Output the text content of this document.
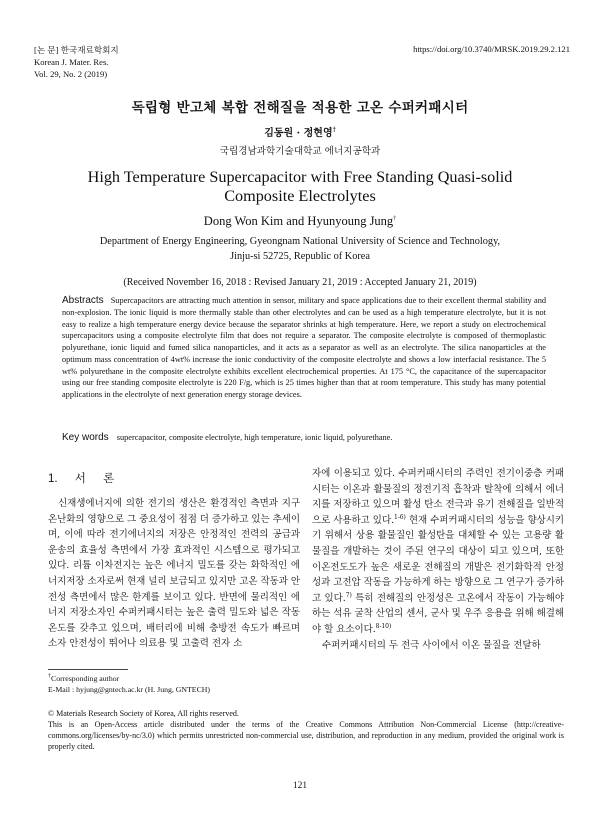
[논 문] 한국재료학회지
Korean J. Mater. Res.
Vol. 29, No. 2 (2019)
https://doi.org/10.3740/MRSK.2019.29.2.121
독립형 반고체 복합 전해질을 적용한 고온 수퍼커패시터
김동원 · 정현영†
국립경남과학기술대학교 에너지공학과
High Temperature Supercapacitor with Free Standing Quasi-solid
Composite Electrolytes
Dong Won Kim and Hyunyoung Jung†
Department of Energy Engineering, Gyeongnam National University of Science and Technology,
Jinju-si 52725, Republic of Korea
(Received November 16, 2018 : Revised January 21, 2019 : Accepted January 21, 2019)
Abstracts Supercapacitors are attracting much attention in sensor, military and space applications due to their excellent thermal stability and non-explosion. The ionic liquid is more thermally stable than other electrolytes and can be used as a high temperature electrolyte, but it is not easy to realize a high temperature energy device because the separator shrinks at high temperature. Here, we report a study on electrochemical supercapacitors using a composite electrolyte film that does not require a separator. The composite electrolyte is composed of thermoplastic polyurethane, ionic liquid and fumed silica nanoparticles, and it acts as a separator as well as an electrolyte. The silica nanoparticles at the optimum mass concentration of 4wt% increase the ionic conductivity of the composite electrolyte and shows a low interfacial resistance. The 5 wt% polyurethane in the composite electrolyte exhibits excellent electrochemical properties. At 175 °C, the capacitance of the supercapacitor using our free standing composite electrolyte is 220 F/g, which is 25 times higher than that at room temperature. This study has many potential applications in the electrolyte of next generation energy storage devices.
Key words supercapacitor, composite electrolyte, high temperature, ionic liquid, polyurethane.
1. 서 론
신재생에너지에 의한 전기의 생산은 환경적인 측면과 지구 온난화의 영향으로 그 중요성이 점점 더 증가하고 있는 추세이며, 이에 따라 전기에너지의 저장은 안정적인 전력의 공급과 운송의 효율성 측면에서 가장 효과적인 시스템으로 평가되고 있다. 리튬 이차전지는 높은 에너지 밀도를 갖는 화학적인 에너지저장 소자로써 현재 널리 보급되고 있지만 고온 작동과 안전성 측면에서 많은 한계를 보이고 있다. 반면에 물리적인 에너지 저장소자인 수퍼커패시터는 높은 출력 밀도와 넓은 작동 온도를 갖추고 있으며, 배터리에 비해 충방전 속도가 빠르며 소자 안전성이 뛰어나 의료용 및 고출력 전자 소

자에 이용되고 있다. 수퍼커패시터의 주력인 전기이중층 커패시터는 이온과 활물질의 정전기적 흡착과 탈착에 의해서 에너지를 저장하고 있으며 활성 탄소 전극과 유기 전해질을 일반적으로 사용하고 있다.$^{1-6)}$ 현재 수퍼커패시터의 성능을 향상시키기 위해서 상용 활물질인 활성탄을 대체할 수 있는 고용량 활물질을 개발하는 것이 주된 연구의 대상이 되고 있으며, 또한 이온전도도가 높은 새로운 전해질의 개발은 전기화학적 안정성과 고전압 작동을 가능하게 하는 방향으로 그 연구가 증가하고 있다.$^{7)}$ 특히 전해질의 안정성은 고온에서 작동이 가능해야 하는 석유 굴착 산업의 센서, 군사 및 우주 응용을 위해 해결해야 할 요소이다.$^{8-10)}$

수퍼커패시터의 두 전극 사이에서 이온 물질을 전달하

†Corresponding author
E-Mail : hyjung@gntech.ac.kr (H. Jung, GNTECH)
© Materials Research Society of Korea, All rights reserved.
This is an Open-Access article distributed under the terms of the Creative Commons Attribution Non-Commercial License (http://creative-commons.org/licenses/by-nc/3.0) which permits unrestricted non-commercial use, distribution, and reproduction in any medium, provided the original work is properly cited.
121
